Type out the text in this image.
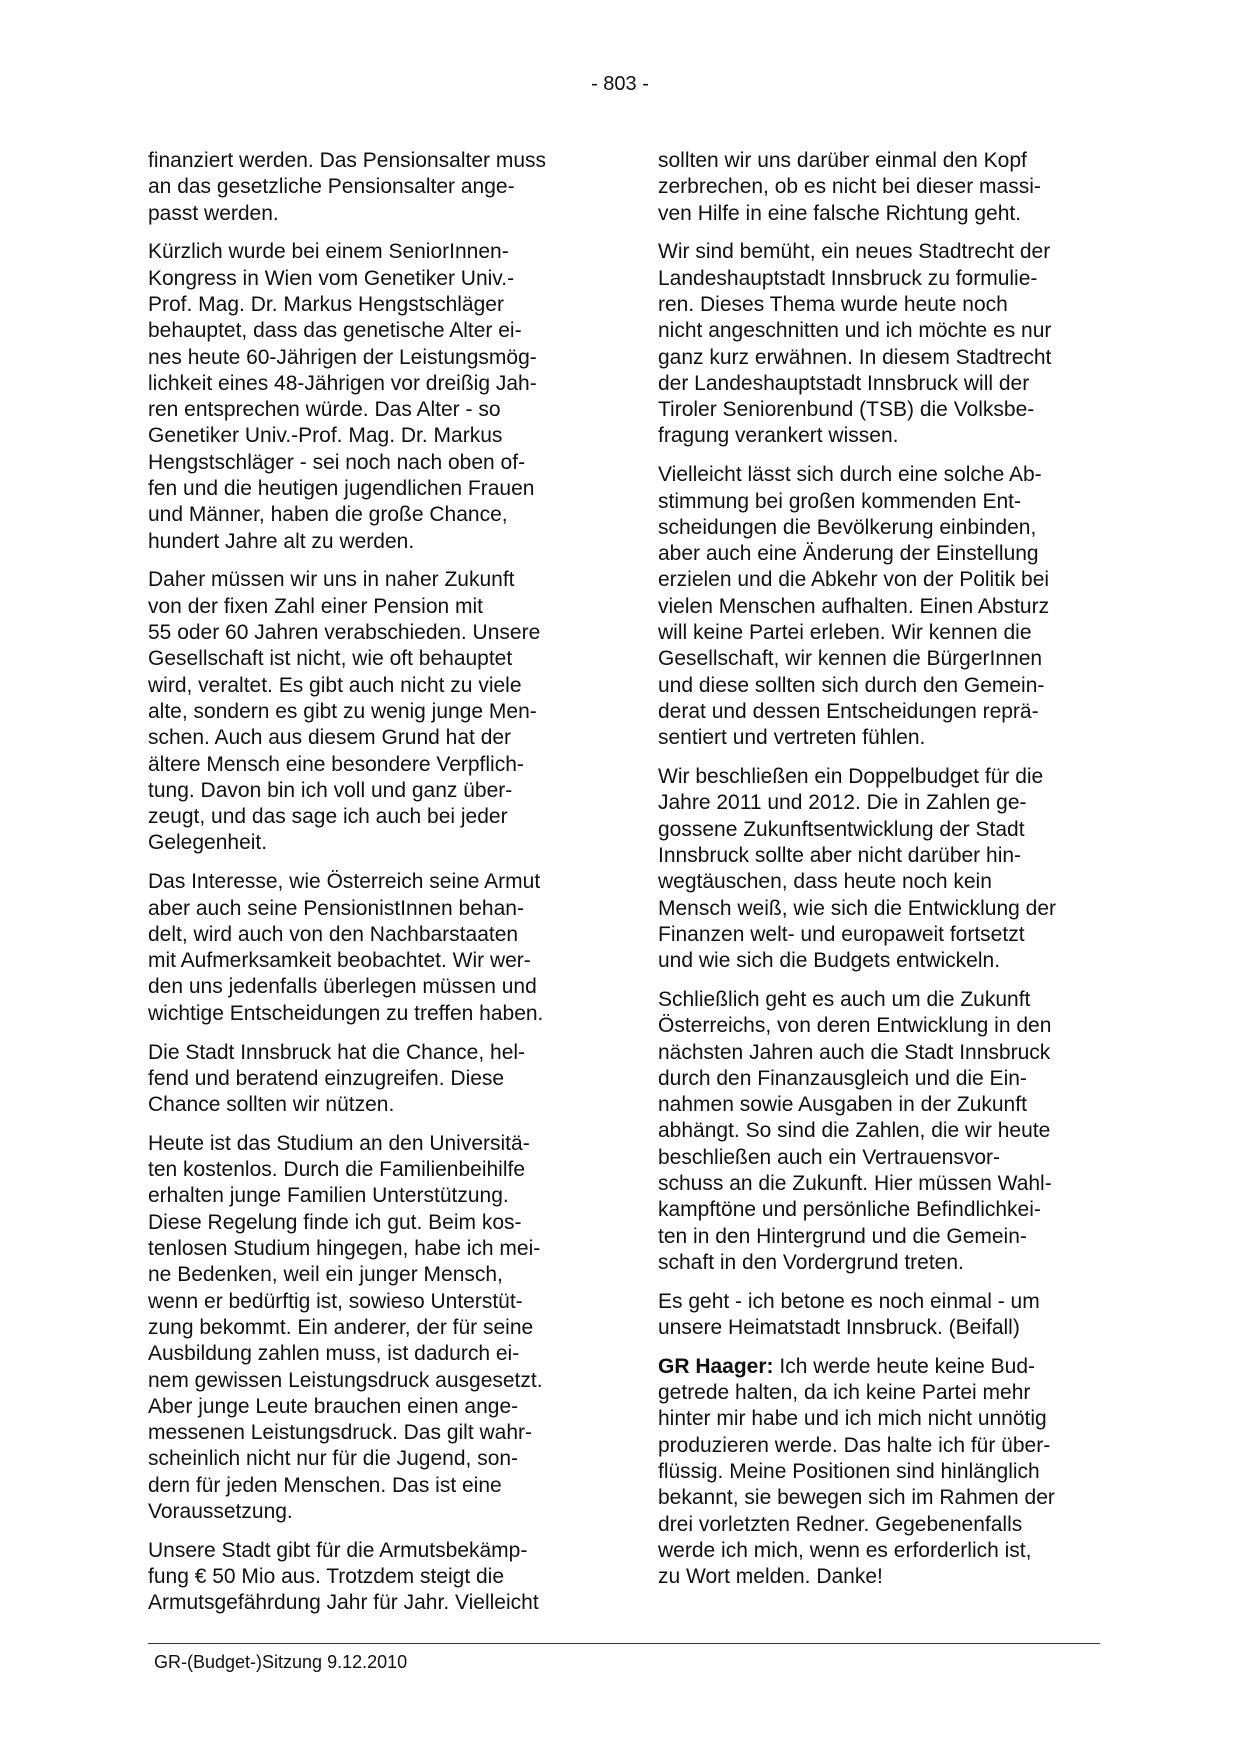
- 803 -

finanziert werden. Das Pensionsalter muss
an das gesetzliche Pensionsalter ange-
passt werden.

Kürzlich wurde bei einem SeniorInnen-
Kongress in Wien vom Genetiker Univ.-
Prof. Mag. Dr. Markus Hengstschläger
behauptet, dass das genetische Alter ei-
nes heute 60-Jährigen der Leistungsmög-
lichkeit eines 48-Jährigen vor dreißig Jah-
ren entsprechen würde. Das Alter - so
Genetiker Univ.-Prof. Mag. Dr. Markus
Hengstschläger - sei noch nach oben of-
fen und die heutigen jugendlichen Frauen
und Männer, haben die große Chance,
hundert Jahre alt zu werden.

Daher müssen wir uns in naher Zukunft
von der fixen Zahl einer Pension mit
55 oder 60 Jahren verabschieden. Unsere
Gesellschaft ist nicht, wie oft behauptet
wird, veraltet. Es gibt auch nicht zu viele
alte, sondern es gibt zu wenig junge Men-
schen. Auch aus diesem Grund hat der
ältere Mensch eine besondere Verpflich-
tung. Davon bin ich voll und ganz über-
zeugt, und das sage ich auch bei jeder
Gelegenheit.

Das Interesse, wie Österreich seine Armut
aber auch seine PensionistInnen behan-
delt, wird auch von den Nachbarstaaten
mit Aufmerksamkeit beobachtet. Wir wer-
den uns jedenfalls überlegen müssen und
wichtige Entscheidungen zu treffen haben.

Die Stadt Innsbruck hat die Chance, hel-
fend und beratend einzugreifen. Diese
Chance sollten wir nützen.

Heute ist das Studium an den Universitä-
ten kostenlos. Durch die Familienbeihilfe
erhalten junge Familien Unterstützung.
Diese Regelung finde ich gut. Beim kos-
tenlosen Studium hingegen, habe ich mei-
ne Bedenken, weil ein junger Mensch,
wenn er bedürftig ist, sowieso Unterstüt-
zung bekommt. Ein anderer, der für seine
Ausbildung zahlen muss, ist dadurch ei-
nem gewissen Leistungsdruck ausgesetzt.
Aber junge Leute brauchen einen ange-
messenen Leistungsdruck. Das gilt wahr-
scheinlich nicht nur für die Jugend, son-
dern für jeden Menschen. Das ist eine
Voraussetzung.

Unsere Stadt gibt für die Armutsbekämp-
fung € 50 Mio aus. Trotzdem steigt die
Armutsgefährdung Jahr für Jahr. Vielleicht

sollten wir uns darüber einmal den Kopf
zerbrechen, ob es nicht bei dieser massi-
ven Hilfe in eine falsche Richtung geht.

Wir sind bemüht, ein neues Stadtrecht der
Landeshauptstadt Innsbruck zu formulie-
ren. Dieses Thema wurde heute noch
nicht angeschnitten und ich möchte es nur
ganz kurz erwähnen. In diesem Stadtrecht
der Landeshauptstadt Innsbruck will der
Tiroler Seniorenbund (TSB) die Volksbe-
fragung verankert wissen.

Vielleicht lässt sich durch eine solche Ab-
stimmung bei großen kommenden Ent-
scheidungen die Bevölkerung einbinden,
aber auch eine Änderung der Einstellung
erzielen und die Abkehr von der Politik bei
vielen Menschen aufhalten. Einen Absturz
will keine Partei erleben. Wir kennen die
Gesellschaft, wir kennen die BürgerInnen
und diese sollten sich durch den Gemein-
derat und dessen Entscheidungen reprä-
sentiert und vertreten fühlen.

Wir beschließen ein Doppelbudget für die
Jahre 2011 und 2012. Die in Zahlen ge-
gossene Zukunftsentwicklung der Stadt
Innsbruck sollte aber nicht darüber hin-
wegtäuschen, dass heute noch kein
Mensch weiß, wie sich die Entwicklung der
Finanzen welt- und europaweit fortsetzt
und wie sich die Budgets entwickeln.

Schließlich geht es auch um die Zukunft
Österreichs, von deren Entwicklung in den
nächsten Jahren auch die Stadt Innsbruck
durch den Finanzausgleich und die Ein-
nahmen sowie Ausgaben in der Zukunft
abhängt. So sind die Zahlen, die wir heute
beschließen auch ein Vertrauensvor-
schuss an die Zukunft. Hier müssen Wahl-
kampftöne und persönliche Befindlichkei-
ten in den Hintergrund und die Gemein-
schaft in den Vordergrund treten.

Es geht - ich betone es noch einmal - um
unsere Heimatstadt Innsbruck. (Beifall)

GR Haager: Ich werde heute keine Bud-
getrede halten, da ich keine Partei mehr
hinter mir habe und ich mich nicht unnötig
produzieren werde. Das halte ich für über-
flüssig. Meine Positionen sind hinlänglich
bekannt, sie bewegen sich im Rahmen der
drei vorletzten Redner. Gegebenenfalls
werde ich mich, wenn es erforderlich ist,
zu Wort melden. Danke!

GR-(Budget-)Sitzung 9.12.2010
